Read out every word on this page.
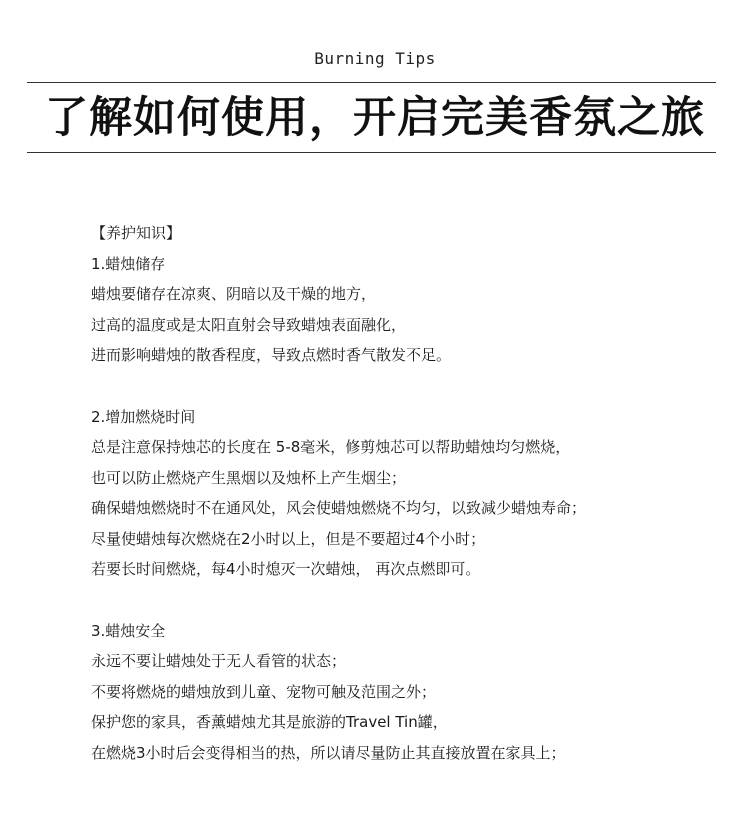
Burning Tips
了解如何使用，开启完美香氛之旅
【养护知识】
1.蜡烛储存
蜡烛要储存在凉爽、阴暗以及干燥的地方，
过高的温度或是太阳直射会导致蜡烛表面融化，
进而影响蜡烛的散香程度，导致点燃时香气散发不足。
2.增加燃烧时间
总是注意保持烛芯的长度在 5-8毫米，修剪烛芯可以帮助蜡烛均匀燃烧，
也可以防止燃烧产生黑烟以及烛杯上产生烟尘；
确保蜡烛燃烧时不在通风处，风会使蜡烛燃烧不均匀，以致减少蜡烛寿命；
尽量使蜡烛每次燃烧在2小时以上，但是不要超过4个小时；
若要长时间燃烧，每4小时熄灭一次蜡烛， 再次点燃即可。
3.蜡烛安全
永远不要让蜡烛处于无人看管的状态；
不要将燃烧的蜡烛放到儿童、宠物可触及范围之外；
保护您的家具，香薰蜡烛尤其是旅游的Travel Tin罐，
在燃烧3小时后会变得相当的热，所以请尽量防止其直接放置在家具上；
